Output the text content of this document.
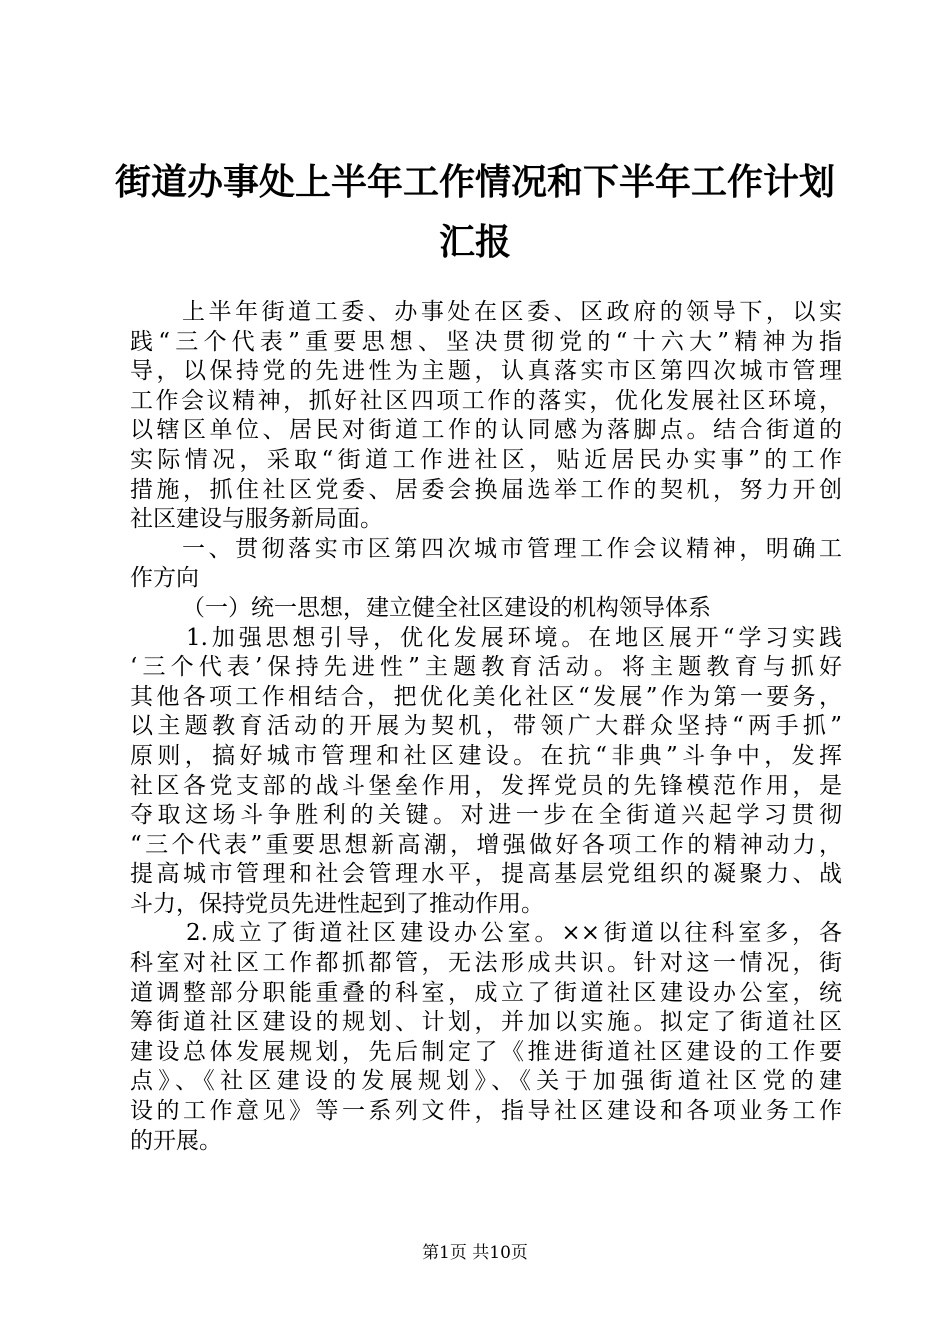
街道办事处上半年工作情况和下半年工作计划
汇报
上半年街道工委、办事处在区委、区政府的领导下，以实
践“三个代表”重要思想、坚决贯彻党的“十六大”精神为指
导，以保持党的先进性为主题，认真落实市区第四次城市管理
工作会议精神，抓好社区四项工作的落实，优化发展社区环境，
以辖区单位、居民对街道工作的认同感为落脚点。结合街道的
实际情况，采取“街道工作进社区，贴近居民办实事”的工作
措施，抓住社区党委、居委会换届选举工作的契机，努力开创
社区建设与服务新局面。
一、贯彻落实市区第四次城市管理工作会议精神，明确工
作方向
（一）统一思想，建立健全社区建设的机构领导体系
1.加强思想引导，优化发展环境。在地区展开“学习实践
‘三个代表’保持先进性”主题教育活动。将主题教育与抓好
其他各项工作相结合，把优化美化社区“发展”作为第一要务，
以主题教育活动的开展为契机，带领广大群众坚持“两手抓”
原则，搞好城市管理和社区建设。在抗“非典”斗争中，发挥
社区各党支部的战斗堡垒作用，发挥党员的先锋模范作用，是
夺取这场斗争胜利的关键。对进一步在全街道兴起学习贯彻
“三个代表”重要思想新高潮，增强做好各项工作的精神动力，
提高城市管理和社会管理水平，提高基层党组织的凝聚力、战
斗力，保持党员先进性起到了推动作用。
2.成立了街道社区建设办公室。××街道以往科室多，各
科室对社区工作都抓都管，无法形成共识。针对这一情况，街
道调整部分职能重叠的科室，成立了街道社区建设办公室，统
筹街道社区建设的规划、计划，并加以实施。拟定了街道社区
建设总体发展规划，先后制定了《推进街道社区建设的工作要
点》、《社区建设的发展规划》、《关于加强街道社区党的建
设的工作意见》等一系列文件，指导社区建设和各项业务工作
的开展。
第1页 共10页
